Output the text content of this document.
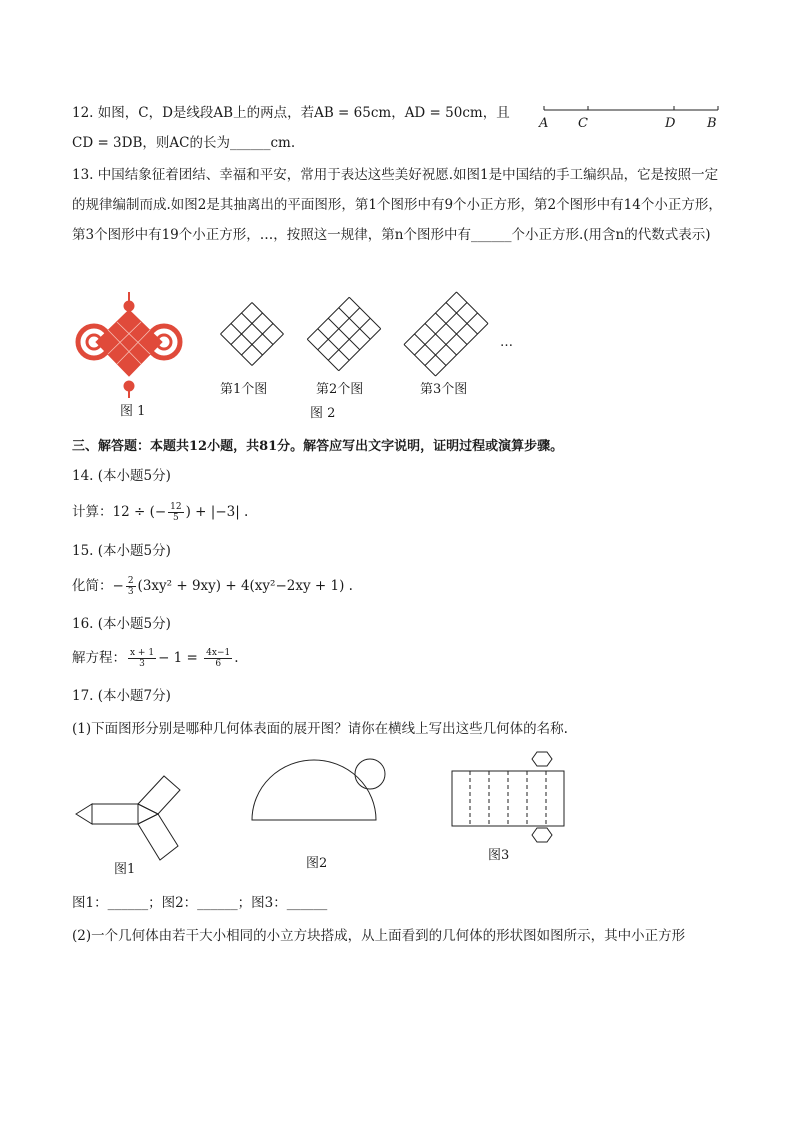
12. 如图，C，D是线段AB上的两点，若AB = 65cm，AD = 50cm，且
CD = 3DB，则AC的长为______cm.
A C	D B
13. 中国结象征着团结、幸福和平安，常用于表达这些美好祝愿.如图1是中国结的手工编织品，它是按照一定的规律编制而成.如图2是其抽离出的平面图形，第1个图形中有9个小正方形，第2个图形中有14个小正方形，第3个图形中有19个小正方形，…，按照这一规律，第n个图形中有______个小正方形.(用含n的代数式表示)
图 1
第1个图	第2个图	第3个图
…
图 2
三、解答题：本题共12小题，共81分。解答应写出文字说明，证明过程或演算步骤。
14. (本小题5分)
计算：12 ÷ (− $\frac{12}{5}$ ) + |−3| .
15. (本小题5分)
化简：− $\frac{2}{3} (3xy^2 + 9xy) + 4(xy^2-2xy + 1)$ .
16. (本小题5分)
解方程： $\frac{x + 1}{3} - 1 = \frac{4x-1}{6}$ .
17. (本小题7分)
(1)下面图形分别是哪种几何体表面的展开图？请你在横线上写出这些几何体的名称.
图1	图2
图3
图1：______；图2：______；图3：______
(2)一个几何体由若干大小相同的小立方块搭成，从上面看到的几何体的形状图如图所示，其中小正方形
